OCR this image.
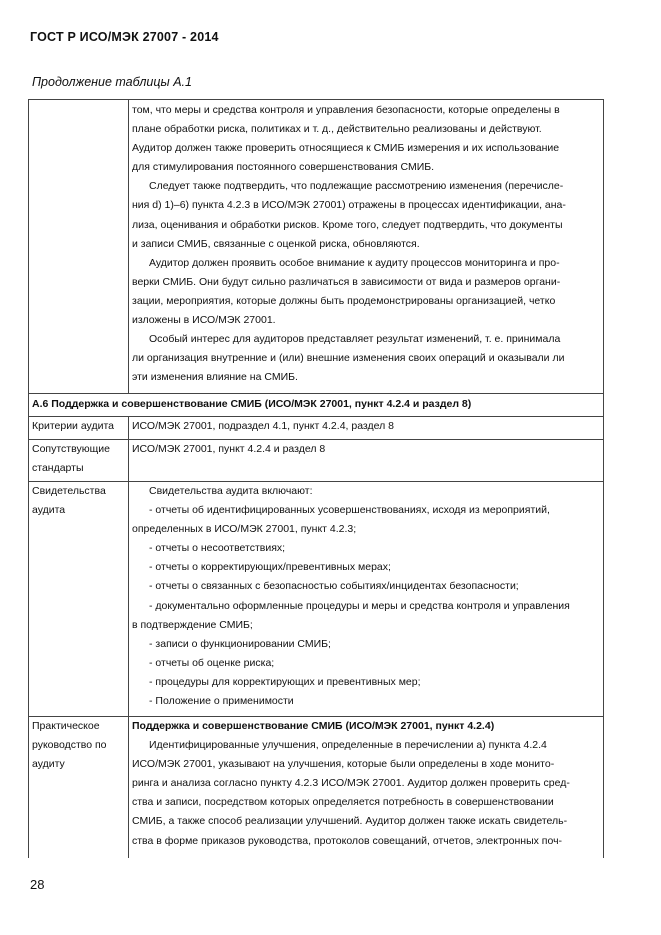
ГОСТ Р ИСО/МЭК 27007 - 2014
Продолжение таблицы А.1
том, что меры и средства контроля и управления безопасности, которые определены в
плане обработки риска, политиках и т. д., действительно реализованы и действуют.
Аудитор должен также проверить относящиеся к СМИБ измерения и их использование
для стимулирования постоянного совершенствования СМИБ.
Следует также подтвердить, что подлежащие рассмотрению изменения (перечисле-
ния d) 1)–6) пункта 4.2.3 в ИСО/МЭК 27001) отражены в процессах идентификации, ана-
лиза, оценивания и обработки рисков. Кроме того, следует подтвердить, что документы
и записи СМИБ, связанные с оценкой риска, обновляются.
Аудитор должен проявить особое внимание к аудиту процессов мониторинга и про-
верки СМИБ. Они будут сильно различаться в зависимости от вида и размеров органи-
зации, мероприятия, которые должны быть продемонстрированы организацией, четко
изложены в ИСО/МЭК 27001.
Особый интерес для аудиторов представляет результат изменений, т. е. принимала
ли организация внутренние и (или) внешние изменения своих операций и оказывали ли
эти изменения влияние на СМИБ.
А.6 Поддержка и совершенствование СМИБ (ИСО/МЭК 27001, пункт 4.2.4 и раздел 8)
Критерии аудита	ИСО/МЭК 27001, подраздел 4.1, пункт 4.2.4, раздел 8
Сопутствующие
стандарты
ИСО/МЭК 27001, пункт 4.2.4 и раздел 8
Свидетельства
аудита
Свидетельства аудита включают:
- отчеты об идентифицированных усовершенствованиях, исходя из мероприятий,
определенных в ИСО/МЭК 27001, пункт 4.2.3;
- отчеты о несоответствиях;
- отчеты о корректирующих/превентивных мерах;
- отчеты о связанных с безопасностью событиях/инцидентах безопасности;
- документально оформленные процедуры и меры и средства контроля и управления
в подтверждение СМИБ;
- записи о функционировании СМИБ;
- отчеты об оценке риска;
- процедуры для корректирующих и превентивных мер;
- Положение о применимости
Практическое
руководство по
аудиту
Поддержка и совершенствование СМИБ (ИСО/МЭК 27001, пункт 4.2.4)
Идентифицированные улучшения, определенные в перечислении а) пункта 4.2.4
ИСО/МЭК 27001, указывают на улучшения, которые были определены в ходе монито-
ринга и анализа согласно пункту 4.2.3 ИСО/МЭК 27001. Аудитор должен проверить сред-
ства и записи, посредством которых определяется потребность в совершенствовании
СМИБ, а также способ реализации улучшений. Аудитор должен также искать свидетель-
ства в форме приказов руководства, протоколов совещаний, отчетов, электронных поч-
28
